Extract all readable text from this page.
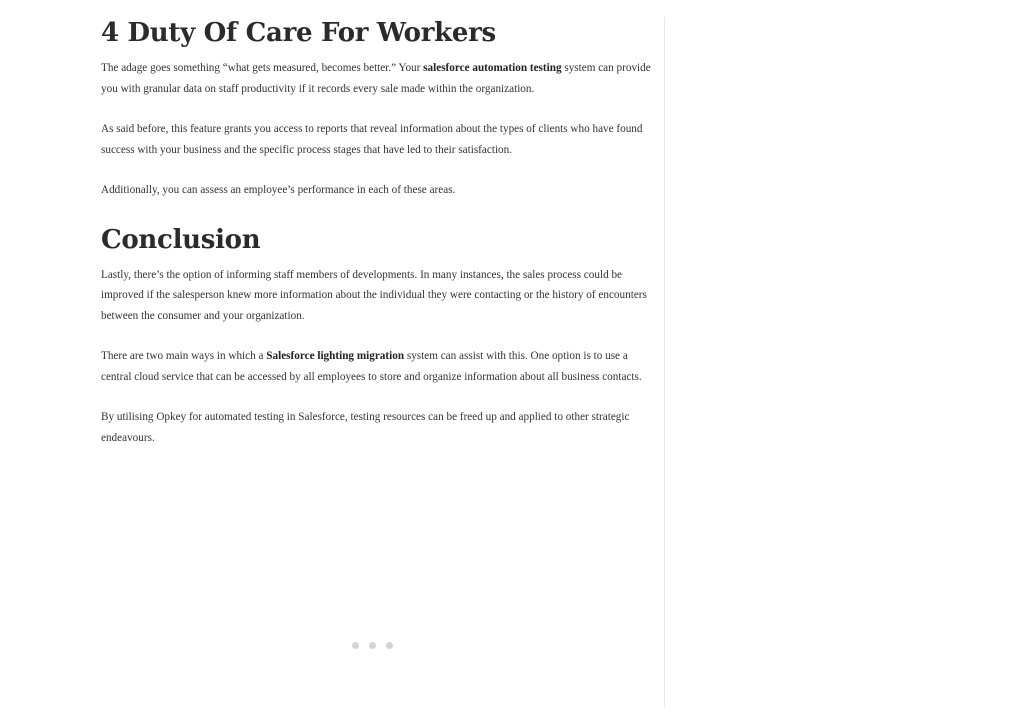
4 Duty Of Care For Workers

The adage goes something “what gets measured, becomes better.” Your salesforce automation testing system can provide you with granular data on staff productivity if it records every sale made within the organization.

As said before, this feature grants you access to reports that reveal information about the types of clients who have found success with your business and the specific process stages that have led to their satisfaction.

Additionally, you can assess an employee’s performance in each of these areas.

Conclusion

Lastly, there’s the option of informing staff members of developments. In many instances, the sales process could be improved if the salesperson knew more information about the individual they were contacting or the history of encounters between the consumer and your organization.

There are two main ways in which a Salesforce lighting migration system can assist with this. One option is to use a central cloud service that can be accessed by all employees to store and organize information about all business contacts.

By utilising Opkey for automated testing in Salesforce, testing resources can be freed up and applied to other strategic endeavours.
